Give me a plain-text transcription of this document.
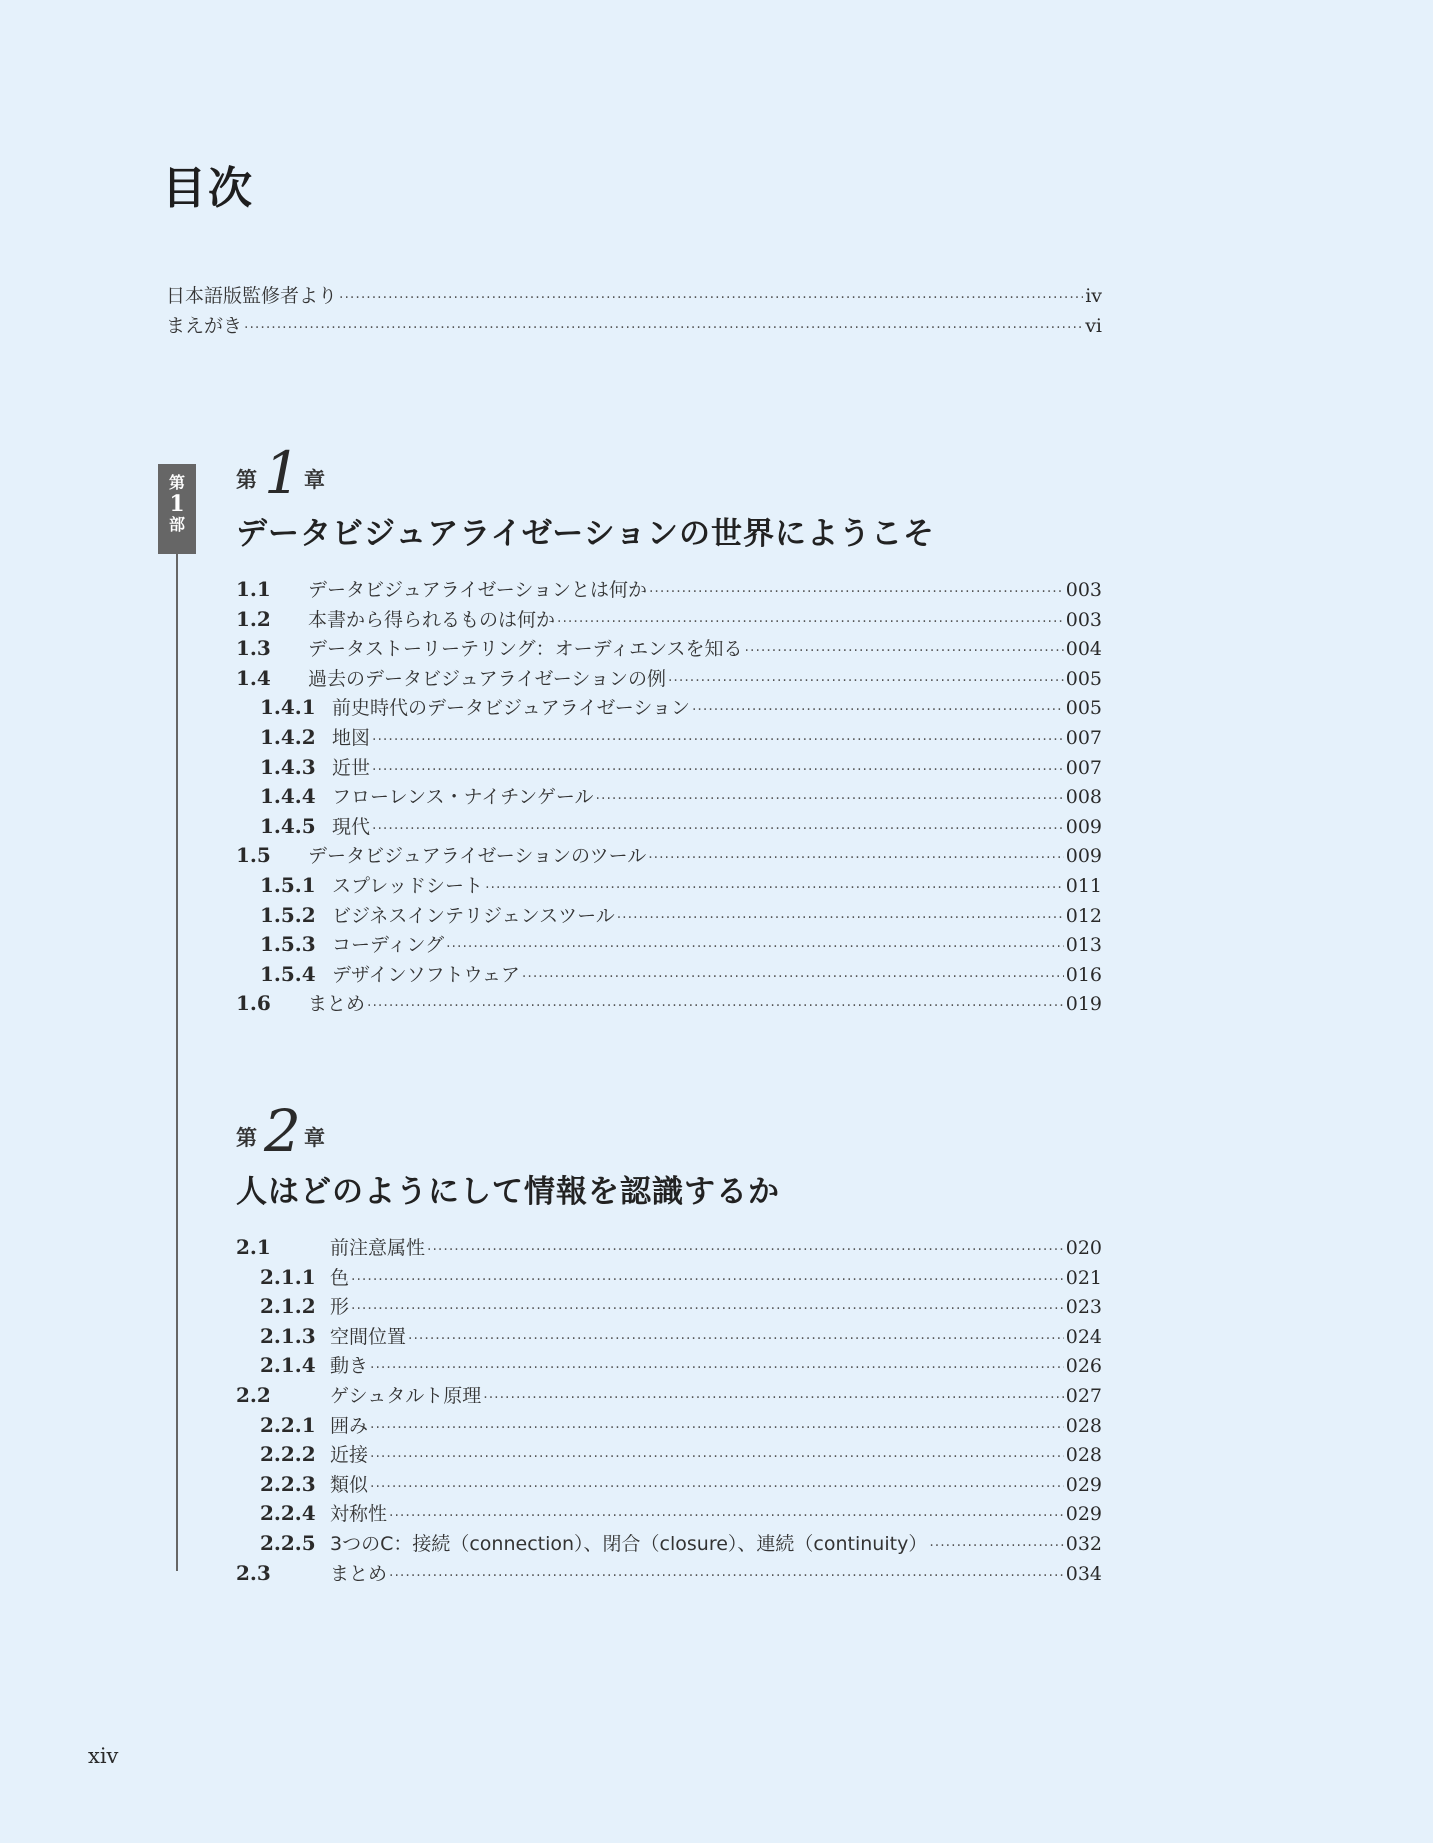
目次
日本語版監修者より ·····	iv
まえがき ·····	vi
第
1
部
第 1 章
データビジュアライゼーションの世界にようこそ
1.1	データビジュアライゼーションとは何か ·····	003
1.2	本書から得られるものは何か ·····	003
1.3	データストーリーテリング：オーディエンスを知る ·····	004
1.4	過去のデータビジュアライゼーションの例 ·····	005
1.4.1 前史時代のデータビジュアライゼーション ·····	005
1.4.2 地図 ·····	007
1.4.3 近世 ·····	007
1.4.4 フローレンス・ナイチンゲール ·····	008
1.4.5 現代 ·····	009
1.5	データビジュアライゼーションのツール ·····	009
1.5.1 スプレッドシート ·····	011
1.5.2 ビジネスインテリジェンスツール ·····	012
1.5.3 コーディング ·····	013
1.5.4 デザインソフトウェア ·····	016
1.6	まとめ ·····	019
第 2 章
人はどのようにして情報を認識するか
2.1	前注意属性 ·····	020
2.1.1 色 ·····	021
2.1.2 形 ·····	023
2.1.3 空間位置 ·····	024
2.1.4 動き ·····	026
2.2	ゲシュタルト原理 ·····	027
2.2.1 囲み ·····	028
2.2.2 近接 ·····	028
2.2.3 類似 ·····	029
2.2.4 対称性 ·····	029
2.2.5 3つのC：接続（connection）、閉合（closure）、連続（continuity） ·····	032
2.3	まとめ ·····	034
xiv
